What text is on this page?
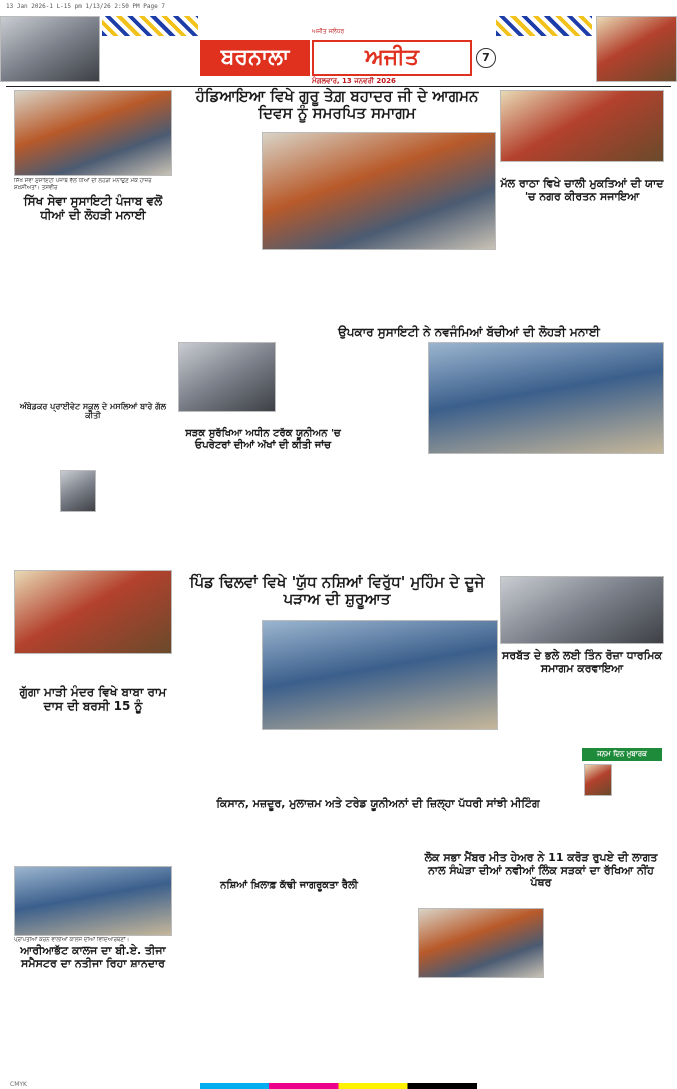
13 Jan 2026-1 L-15 pm 1/13/26 2:50 PM Page 7
ਅਜੀਤ ਜਲੰਧਰ
ਬਰਨਾਲਾ	ਅਜੀਤ
ਮੰਗਲਵਾਰ, 13 ਜਨਵਰੀ 2026
7
ਸਿੱਖ ਸੇਵਾ ਸੁਸਾਇਟੀ ਪੰਜਾਬ ਵੱਲੋਂ ਧੀਆਂ ਦੀ ਲੋਹੜੀ ਮਨਾਉਣ ਮੌਕੇ ਹਾਜ਼ਰ ਸ਼ਖ਼ਸੀਅਤਾਂ। ਤਸਵੀਰ
ਸਿੱਖ ਸੇਵਾ ਸੁਸਾਇਟੀ ਪੰਜਾਬ ਵਲੋਂ ਧੀਆਂ ਦੀ ਲੋਹੜੀ ਮਨਾਈ
ਅੰਬੇਡਕਰ ਪ੍ਰਾਈਵੇਟ ਸਕੂਲ ਦੇ ਮਸਲਿਆਂ ਬਾਰੇ ਗੱਲ ਕੀਤੀ
ਗੁੱਗਾ ਮਾੜੀ ਮੰਦਰ ਵਿਖੇ ਬਾਬਾ ਰਾਮ ਦਾਸ ਦੀ ਬਰਸੀ 15 ਨੂੰ
ਪ੍ਰਾਪਤੀਆਂ ਕਰਨ ਵਾਲੀਆਂ ਕਾਲਜ ਦੀਆਂ ਵਿਦਿਆਰਥਣਾਂ।
ਆਰੀਆਭੱਟ ਕਾਲਜ ਦਾ ਬੀ.ਏ. ਤੀਜਾ ਸਮੈਸਟਰ ਦਾ ਨਤੀਜਾ ਰਿਹਾ ਸ਼ਾਨਦਾਰ
ਹੰਡਿਆਇਆ ਵਿਖੇ ਗੁਰੂ ਤੇਗ਼ ਬਹਾਦਰ ਜੀ ਦੇ ਆਗਮਨ ਦਿਵਸ ਨੂੰ ਸਮਰਪਿਤ ਸਮਾਗਮ
ਉਪਕਾਰ ਸੁਸਾਇਟੀ ਨੇ ਨਵਜੰਮਿਆਂ ਬੱਚੀਆਂ ਦੀ ਲੋਹੜੀ ਮਨਾਈ
ਸੜਕ ਸੁਰੱਖਿਆ ਅਧੀਨ ਟਰੱਕ ਯੂਨੀਅਨ 'ਚ ਓਪਰੇਟਰਾਂ ਦੀਆਂ ਅੱਖਾਂ ਦੀ ਕੀਤੀ ਜਾਂਚ
ਪਿੰਡ ਢਿਲਵਾਂ ਵਿਖੇ 'ਯੁੱਧ ਨਸ਼ਿਆਂ ਵਿਰੁੱਧ' ਮੁਹਿੰਮ ਦੇ ਦੂਜੇ ਪੜਾਅ ਦੀ ਸ਼ੁਰੂਆਤ
ਕਿਸਾਨ, ਮਜ਼ਦੂਰ, ਮੁਲਾਜ਼ਮ ਅਤੇ ਟਰੇਡ ਯੂਨੀਅਨਾਂ ਦੀ ਜ਼ਿਲ੍ਹਾ ਪੱਧਰੀ ਸਾਂਝੀ ਮੀਟਿੰਗ
ਨਸ਼ਿਆਂ ਖ਼ਿਲਾਫ਼ ਕੱਢੀ ਜਾਗਰੂਕਤਾ ਰੈਲੀ
ਮੱਲ ਰਾਠਾ ਵਿਖੇ ਚਾਲੀ ਮੁਕਤਿਆਂ ਦੀ ਯਾਦ 'ਚ ਨਗਰ ਕੀਰਤਨ ਸਜਾਇਆ
ਸਰਬੱਤ ਦੇ ਭਲੇ ਲਈ ਤਿੰਨ ਰੋਜ਼ਾ ਧਾਰਮਿਕ ਸਮਾਗਮ ਕਰਵਾਇਆ
ਜਨਮ ਦਿਨ ਮੁਬਾਰਕ
ਲੋਕ ਸਭਾ ਮੈਂਬਰ ਮੀਤ ਹੇਅਰ ਨੇ 11 ਕਰੋੜ ਰੁਪਏ ਦੀ ਲਾਗਤ ਨਾਲ ਸੰਘੇੜਾ ਦੀਆਂ ਨਵੀਆਂ ਲਿੰਕ ਸੜਕਾਂ ਦਾ ਰੱਖਿਆ ਨੀਂਹ ਪੱਥਰ
CMYK
